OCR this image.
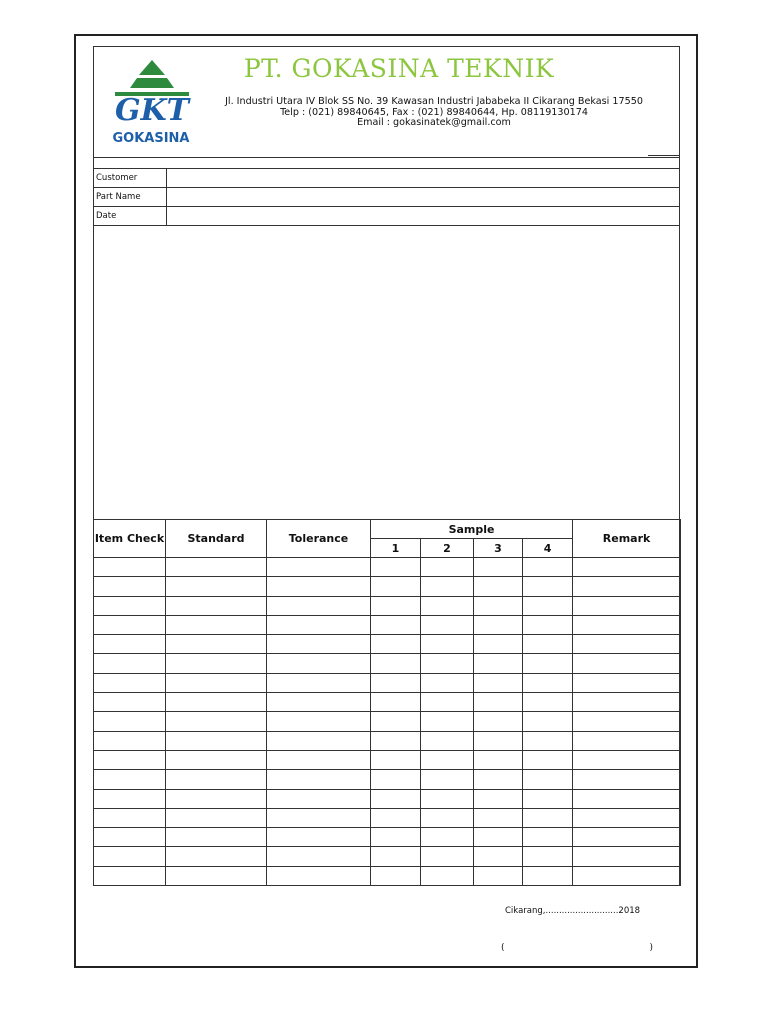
GKT
GOKASINA
PT. GOKASINA TEKNIK
Jl. Industri Utara IV Blok SS No. 39 Kawasan Industri Jababeka II Cikarang Bekasi 17550
Telp : (021) 89840645, Fax : (021) 89840644, Hp. 08119130174
Email : gokasinatek@gmail.com
Customer	
Part Name	
Date	
Item Check	Standard	Tolerance	Sample				Remark
			1	2	3	4	

Cikarang,...........................2018
(	)
